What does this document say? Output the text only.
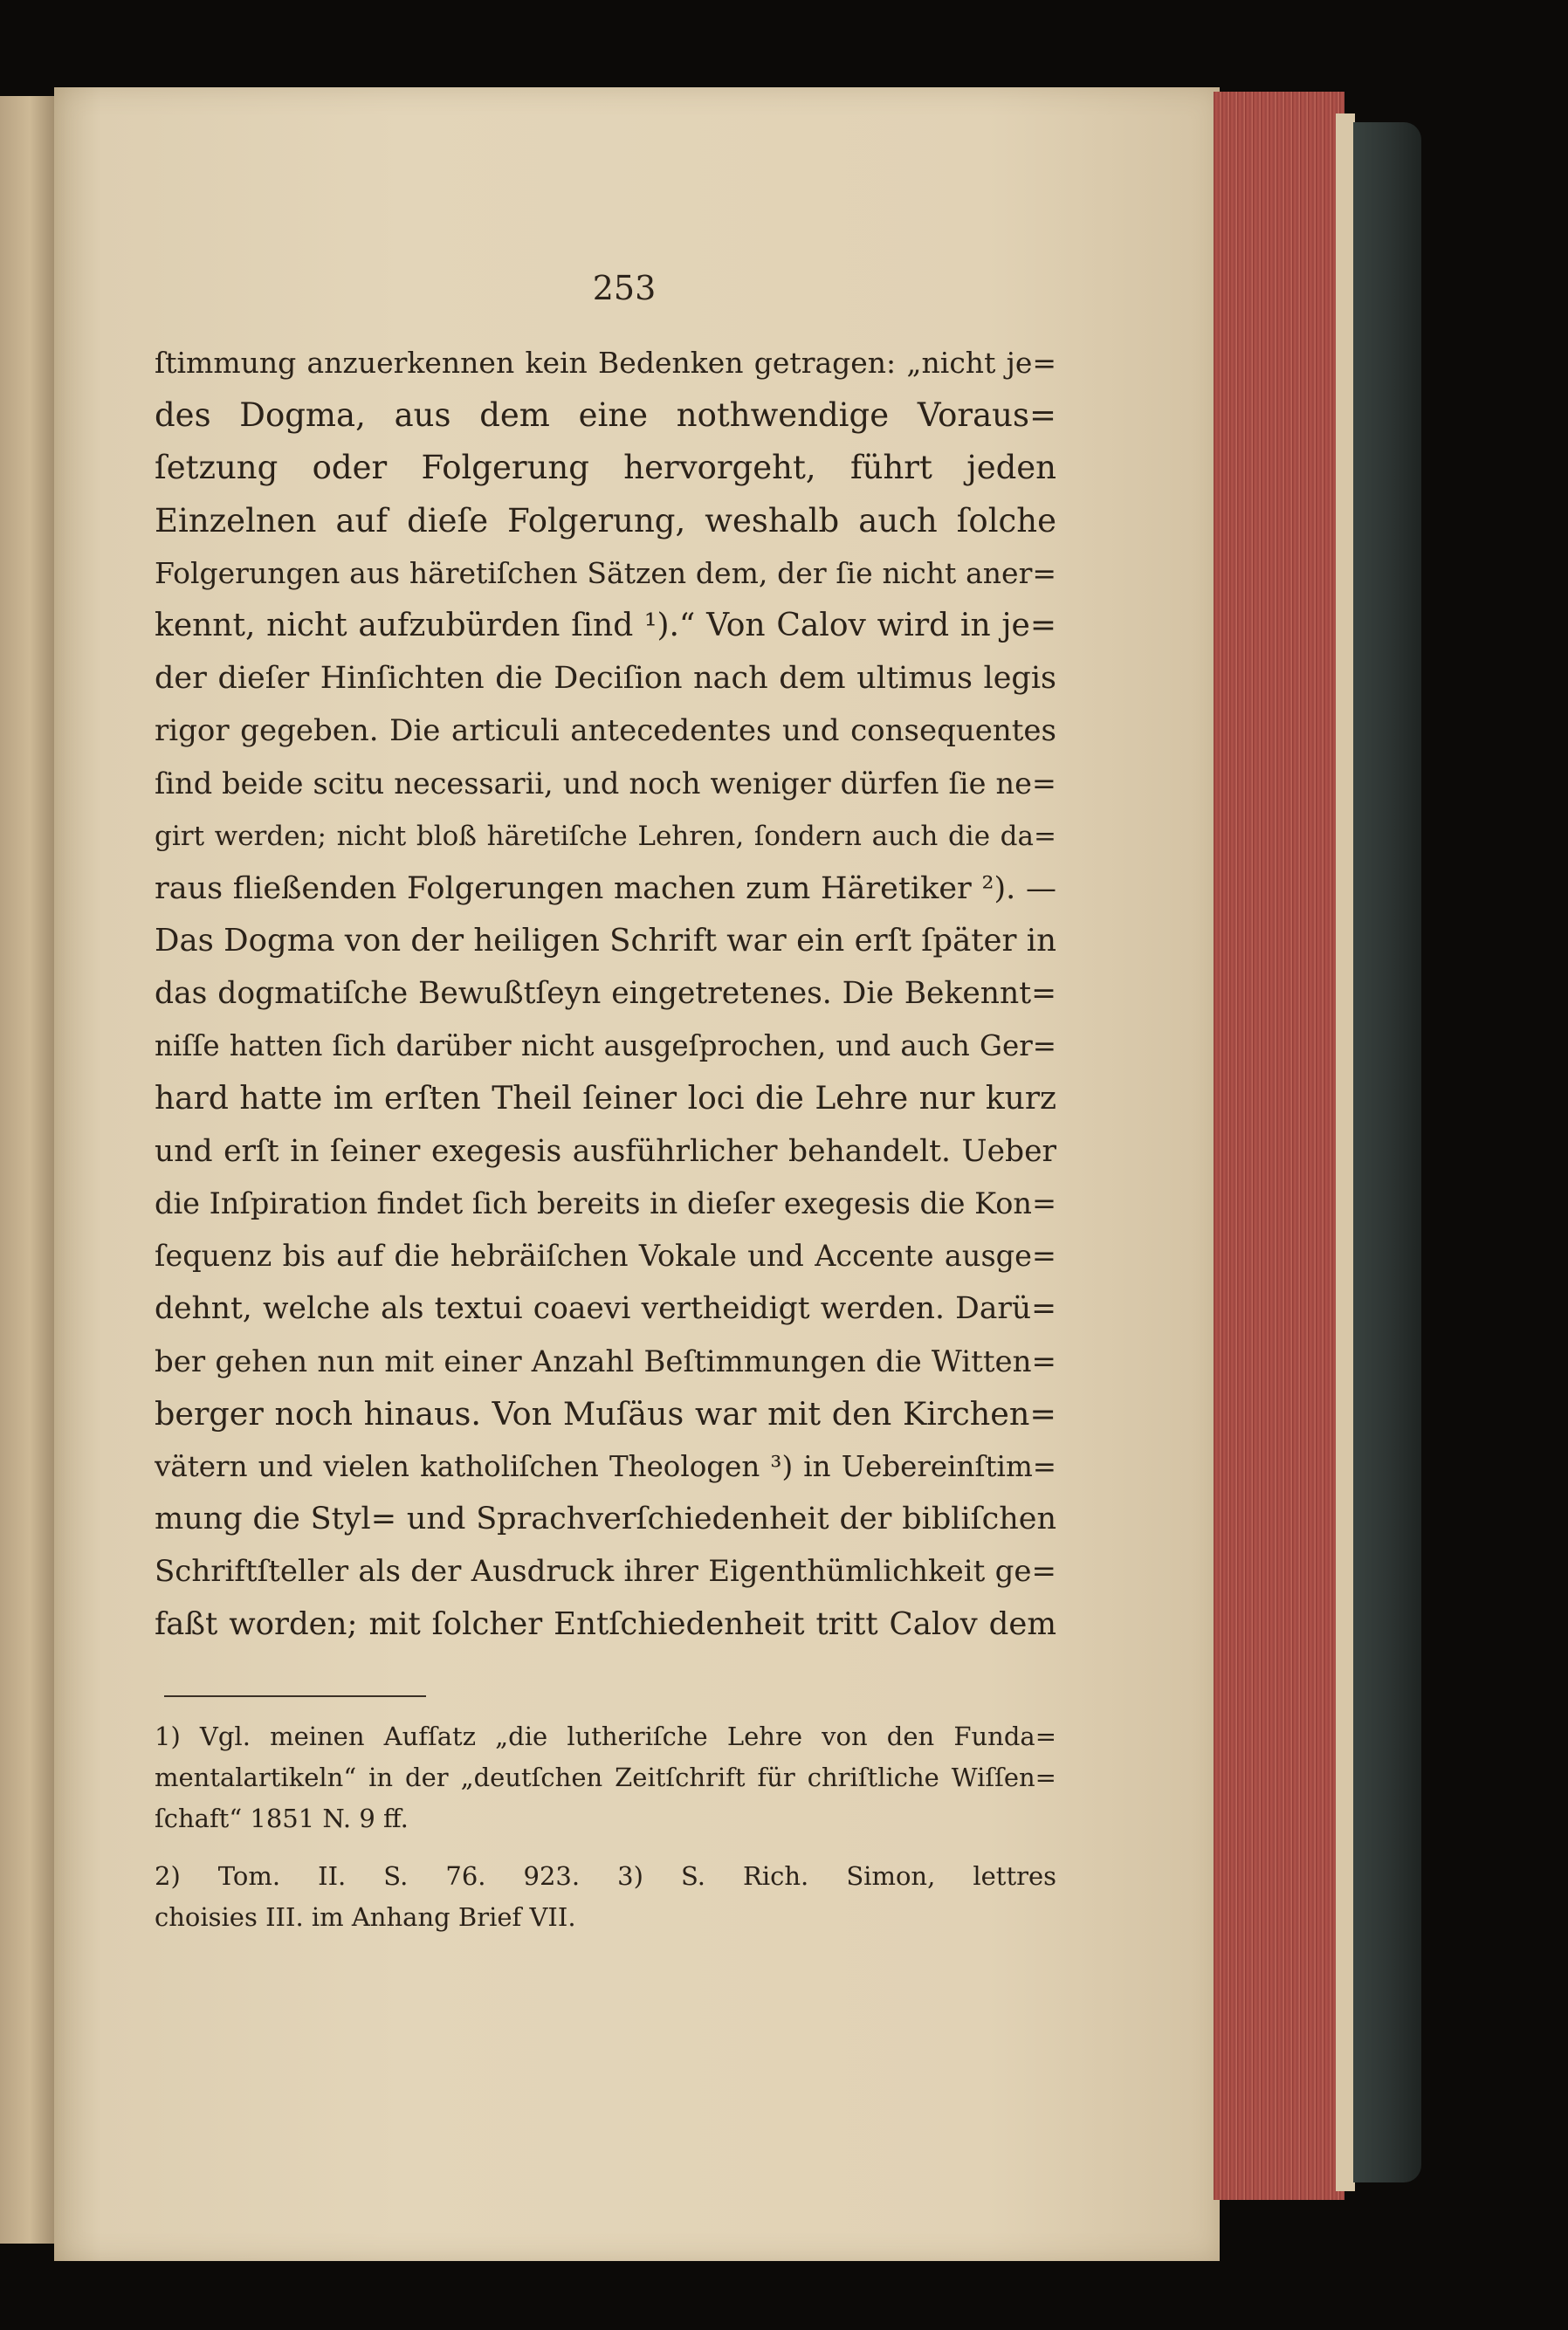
253
ſtimmung anzuerkennen kein Bedenken getragen: „nicht je=
des Dogma, aus dem eine nothwendige Voraus=
ſetzung oder Folgerung hervorgeht, führt jeden
Einzelnen auf dieſe Folgerung, weshalb auch ſolche
Folgerungen aus häretiſchen Sätzen dem, der ſie nicht aner=
kennt, nicht aufzubürden ſind ¹).“ Von Calov wird in je=
der dieſer Hinſichten die Deciſion nach dem ultimus legis
rigor gegeben. Die articuli antecedentes und consequentes
ſind beide scitu necessarii, und noch weniger dürfen ſie ne=
girt werden; nicht bloß häretiſche Lehren, ſondern auch die da=
raus fließenden Folgerungen machen zum Häretiker ²). —
Das Dogma von der heiligen Schrift war ein erſt ſpäter in
das dogmatiſche Bewußtſeyn eingetretenes. Die Bekennt=
niſſe hatten ſich darüber nicht ausgeſprochen, und auch Ger=
hard hatte im erſten Theil ſeiner loci die Lehre nur kurz
und erſt in ſeiner exegesis ausführlicher behandelt. Ueber
die Inſpiration findet ſich bereits in dieſer exegesis die Kon=
ſequenz bis auf die hebräiſchen Vokale und Accente ausge=
dehnt, welche als textui coaevi vertheidigt werden. Darü=
ber gehen nun mit einer Anzahl Beſtimmungen die Witten=
berger noch hinaus. Von Muſäus war mit den Kirchen=
vätern und vielen katholiſchen Theologen ³) in Uebereinſtim=
mung die Styl= und Sprachverſchiedenheit der bibliſchen
Schriftſteller als der Ausdruck ihrer Eigenthümlichkeit ge=
faßt worden; mit ſolcher Entſchiedenheit tritt Calov dem
1) Vgl. meinen Aufſatz „die lutheriſche Lehre von den Funda=
mentalartikeln“ in der „deutſchen Zeitſchrift für chriſtliche Wiſſen=
ſchaft“ 1851 N. 9 ff.
2) Tom. II. S. 76. 923. 3) S. Rich. Simon, lettres
choisies III. im Anhang Brief VII.
